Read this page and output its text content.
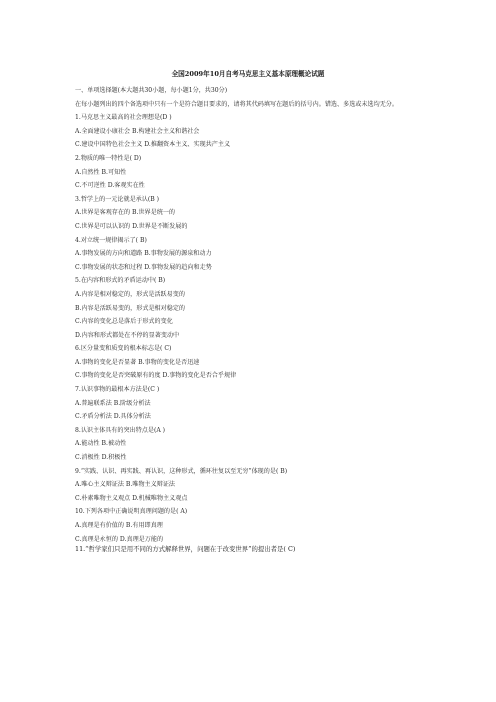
全国2009年10月自考马克思主义基本原理概论试题
一、单项选择题(本大题共30小题，每小题1分，共30分)
在每小题列出的四个备选项中只有一个是符合题目要求的，请将其代码填写在题后的括号内。错选、多选或未选均无分。
1.马克思主义最高的社会理想是(D )
A.全面建设小康社会 B.构建社会主义和谐社会
C.建设中国特色社会主义 D.推翻资本主义、实现共产主义
2.物质的唯一特性是( D)
A.自然性 B.可知性
C.不可逆性 D.客观实在性
3.哲学上的一元论就是承认(B )
A.世界是客观存在的 B.世界是统一的
C.世界是可以认识的 D.世界是不断发展的
4.对立统一规律揭示了( B)
A.事物发展的方向和道路 B.事物发展的源泉和动力
C.事物发展的状态和过程 D.事物发展的趋向和走势
5.在内容和形式的矛盾运动中( B)
A.内容是相对稳定的，形式是活跃易变的
B.内容是活跃易变的，形式是相对稳定的
C.内容的变化总是落后于形式的变化
D.内容和形式都处在不停的显著变动中
6.区分量变和质变的根本标志是( C)
A.事物的变化是否显著 B.事物的变化是否迅速
C.事物的变化是否突破原有的度 D.事物的变化是否合乎规律
7.认识事物的最根本方法是(C )
A.普遍联系法 B.阶级分析法
C.矛盾分析法 D.具体分析法
8.认识主体具有的突出特点是(A )
A.能动性 B.被动性
C.消极性 D.积极性
9.“实践、认识、再实践、再认识，这种形式，循环往复以至无穷”体现的是( B)
A.唯心主义辩证法 B.唯物主义辩证法
C.朴素唯物主义观点 D.机械唯物主义观点
10.下列各项中正确说明真理问题的是( A)
A.真理是有价值的 B.有用即真理
C.真理是永恒的 D.真理是万能的
11.“哲学家们只是用不同的方式解释世界，问题在于改变世界”的提出者是( C)
